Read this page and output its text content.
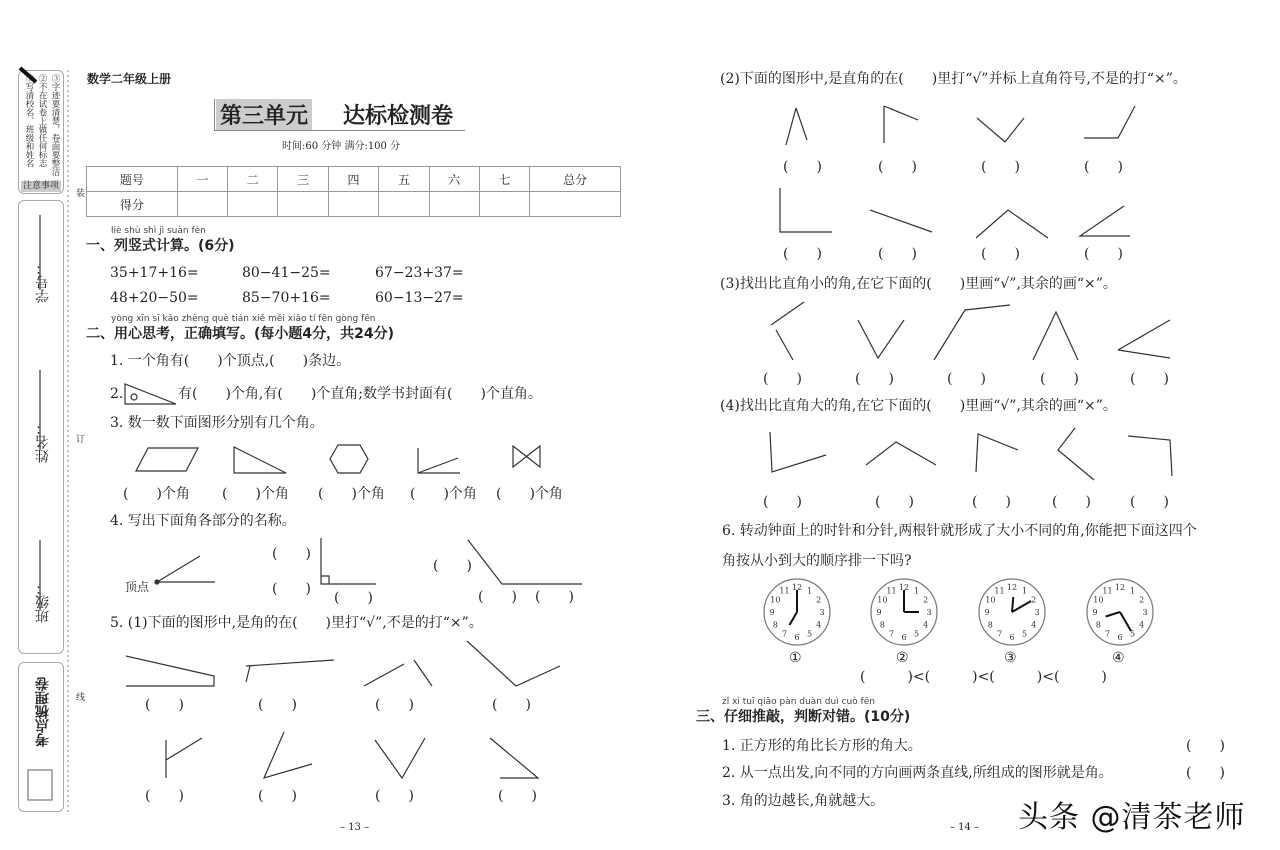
①写清校名、班级和姓名 ②不在试卷上做任何标志 ③字迹要清楚，卷面要整洁
注意事项
学号：
姓名：
班级：
考点梳理卷
装
订
线
数学二年级上册
第三单元 达标检测卷
时间:60 分钟 满分:100 分
题号	一	二	三	四	五	六	七	总分
得分								
liè shù shì jì suàn fèn
一、列竖式计算。(6分)
35+17+16=	80−41−25=	67−23+37=
48+20−50=	85−70+16=	60−13−27=
yòng xīn sī kǎo zhèng què tián xiě měi xiǎo tí fēn gòng fēn
二、用心思考，正确填写。(每小题4分，共24分)
1. 一个角有(　　)个顶点,(　　)条边。
2.	有(　　)个角,有(　　)个直角;数学书封面有(　　)个直角。
3. 数一数下面图形分别有几个角。
(　　)个角 (　　)个角 (　　)个角 (　　)个角 (　　)个角
4. 写出下面角各部分的名称。
顶点
(　　)
(　　)
(　　)
(　　)
(　　) (　　)
5. (1)下面的图形中,是角的在(　　)里打“√”,不是的打“×”。
(　　)	(　　)	(　　)	(　　)
(　　)	(　　)	(　　)	(　　)
– 13 –
(2)下面的图形中,是直角的在(　　)里打“√”并标上直角符号,不是的打“×”。
(3)找出比直角小的角,在它下面的(　　)里画“√”,其余的画“×”。
(4)找出比直角大的角,在它下面的(　　)里画“√”,其余的画“×”。
(　　)	(　　)	(　　)	(　　)
(　　)	(　　)	(　　)	(　　)
(　　)	(　　)	(　　)	(　　)	(　　)
(　　)	(　　)	(　　)	(　　)	(　　)
6. 转动钟面上的时针和分针,两根针就形成了大小不同的角,你能把下面这四个
角按从小到大的顺序排一下吗?
①	②	③	④
(　　　)<(　　　)<(　　　)<(　　　)
zǐ xì tuī qiāo pàn duàn duì cuò fēn
三、仔细推敲，判断对错。(10分)
1. 正方形的角比长方形的角大。
2. 从一点出发,向不同的方向画两条直线,所组成的图形就是角。
3. 角的边越长,角就越大。
(　　)
(　　)
– 14 – 头条 @清茶老师
1
2
3
4
5
6
7
8
9
10
11 12	1
2
3
4
5
6
7
8
9
10
11 12	1
2
3
4
5
6
7
8
9
10
11 12	1
2
3
4
5
6
7
8
9
10
11 12
